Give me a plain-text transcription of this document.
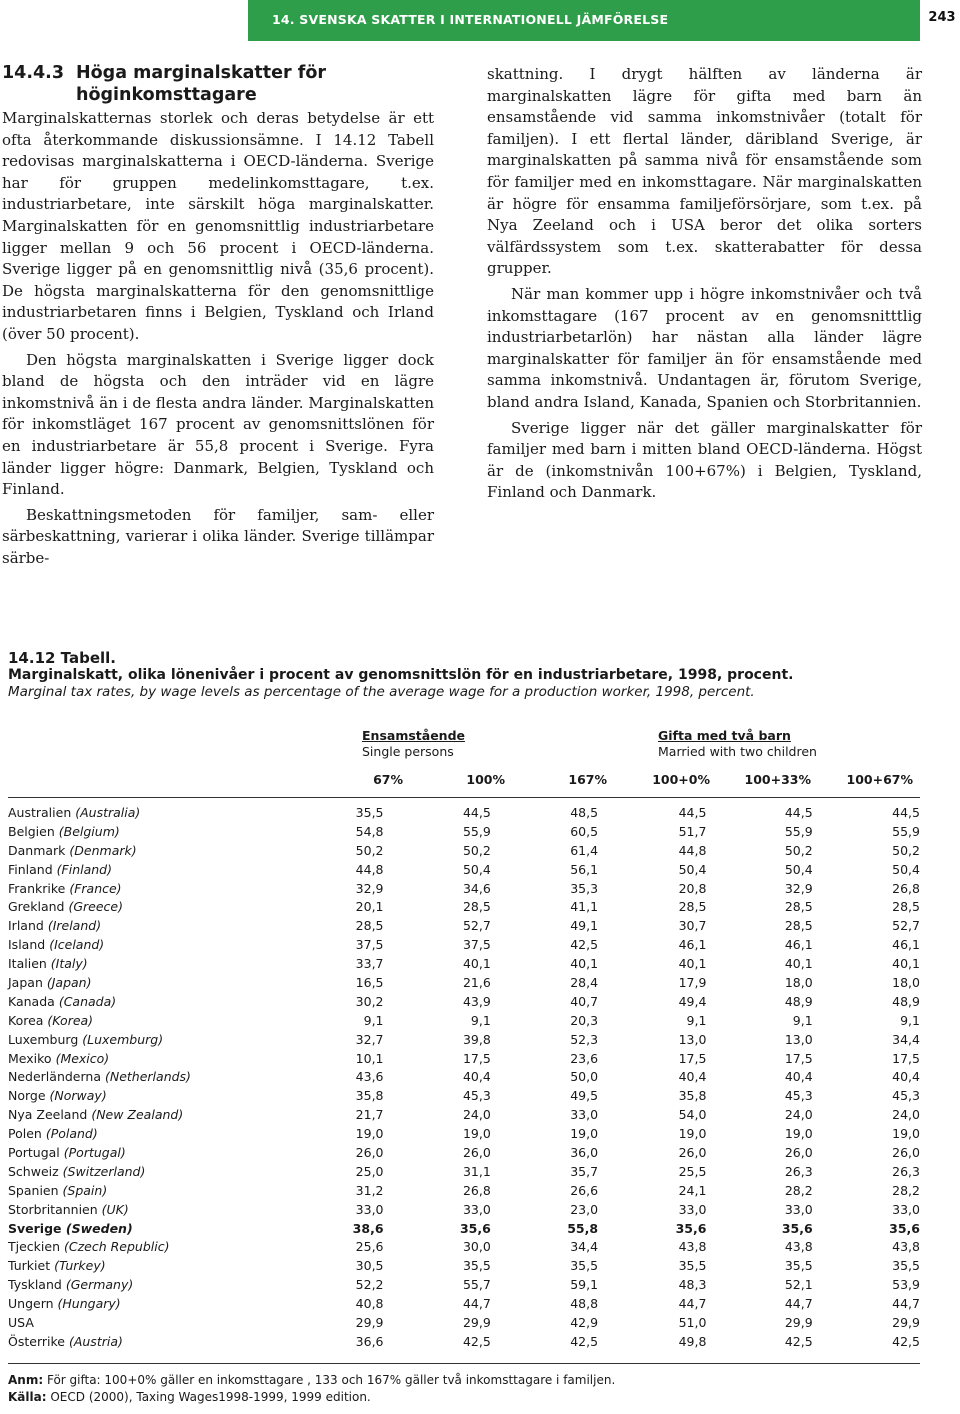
14. SVENSKA SKATTER I INTERNATIONELL JÄMFÖRELSE	243
14.4.3 Höga marginalskatter för höginkomsttagare

Marginalskatternas storlek och deras betydelse är ett ofta återkommande diskussionsämne. I 14.12 Tabell redovisas marginalskatterna i OECD-länderna. Sverige har för gruppen medelinkomsttagare, t.ex. industriarbetare, inte särskilt höga marginalskatter. Marginalskatten för en genomsnittlig industriarbetare ligger mellan 9 och 56 procent i OECD-länderna. Sverige ligger på en genomsnittlig nivå (35,6 procent). De högsta marginalskatterna för den genomsnittlige industriarbetaren finns i Belgien, Tyskland och Irland (över 50 procent).

Den högsta marginalskatten i Sverige ligger dock bland de högsta och den inträder vid en lägre inkomstnivå än i de flesta andra länder. Marginalskatten för inkomstläget 167 procent av genomsnittslönen för en industriarbetare är 55,8 procent i Sverige. Fyra länder ligger högre: Danmark, Belgien, Tyskland och Finland.

Beskattningsmetoden för familjer, sam- eller särbeskattning, varierar i olika länder. Sverige tillämpar särbe-

skattning. I drygt hälften av länderna är marginalskatten lägre för gifta med barn än ensamstående vid samma inkomstnivåer (totalt för familjen). I ett flertal länder, däribland Sverige, är marginalskatten på samma nivå för ensamstående som för familjer med en inkomsttagare. När marginalskatten är högre för ensamma familjeförsörjare, som t.ex. på Nya Zeeland och i USA beror det olika sorters välfärdssystem som t.ex. skatterabatter för dessa grupper.

När man kommer upp i högre inkomstnivåer och två inkomsttagare (167 procent av en genomsnitttlig industriarbetarlön) har nästan alla länder lägre marginalskatter för familjer än för ensamstående med samma inkomstnivå. Undantagen är, förutom Sverige, bland andra Island, Kanada, Spanien och Storbritannien.

Sverige ligger när det gäller marginalskatter för familjer med barn i mitten bland OECD-länderna. Högst är de (inkomstnivån 100+67%) i Belgien, Tyskland, Finland och Danmark.

14.12 Tabell.

Marginalskatt, olika lönenivåer i procent av genomsnittslön för en industriarbetare, 1998, procent.

Marginal tax rates, by wage levels as percentage of the average wage for a production worker, 1998, percent.

Ensamstående
Single persons
Gifta med två barn
Married with two children
67%	100%	167%	100+0%	100+33%	100+67%
Australien (Australia)	35,5	44,5	48,5	44,5	44,5	44,5
Belgien (Belgium)	54,8	55,9	60,5	51,7	55,9	55,9
Danmark (Denmark)	50,2	50,2	61,4	44,8	50,2	50,2
Finland (Finland)	44,8	50,4	56,1	50,4	50,4	50,4
Frankrike (France)	32,9	34,6	35,3	20,8	32,9	26,8
Grekland (Greece)	20,1	28,5	41,1	28,5	28,5	28,5
Irland (Ireland)	28,5	52,7	49,1	30,7	28,5	52,7
Island (Iceland)	37,5	37,5	42,5	46,1	46,1	46,1
Italien (Italy)	33,7	40,1	40,1	40,1	40,1	40,1
Japan (Japan)	16,5	21,6	28,4	17,9	18,0	18,0
Kanada (Canada)	30,2	43,9	40,7	49,4	48,9	48,9
Korea (Korea)	9,1	9,1	20,3	9,1	9,1	9,1
Luxemburg (Luxemburg)	32,7	39,8	52,3	13,0	13,0	34,4
Mexiko (Mexico)	10,1	17,5	23,6	17,5	17,5	17,5
Nederländerna (Netherlands)	43,6	40,4	50,0	40,4	40,4	40,4
Norge (Norway)	35,8	45,3	49,5	35,8	45,3	45,3
Nya Zeeland (New Zealand)	21,7	24,0	33,0	54,0	24,0	24,0
Polen (Poland)	19,0	19,0	19,0	19,0	19,0	19,0
Portugal (Portugal)	26,0	26,0	36,0	26,0	26,0	26,0
Schweiz (Switzerland)	25,0	31,1	35,7	25,5	26,3	26,3
Spanien (Spain)	31,2	26,8	26,6	24,1	28,2	28,2
Storbritannien (UK)	33,0	33,0	23,0	33,0	33,0	33,0
Sverige (Sweden)	38,6	35,6	55,8	35,6	35,6	35,6
Tjeckien (Czech Republic)	25,6	30,0	34,4	43,8	43,8	43,8
Turkiet (Turkey)	30,5	35,5	35,5	35,5	35,5	35,5
Tyskland (Germany)	52,2	55,7	59,1	48,3	52,1	53,9
Ungern (Hungary)	40,8	44,7	48,8	44,7	44,7	44,7
USA	29,9	29,9	42,9	51,0	29,9	29,9
Österrike (Austria)	36,6	42,5	42,5	49,8	42,5	42,5
Anm: För gifta: 100+0% gäller en inkomsttagare , 133 och 167% gäller två inkomsttagare i familjen.
Källa: OECD (2000), Taxing Wages1998-1999, 1999 edition.
